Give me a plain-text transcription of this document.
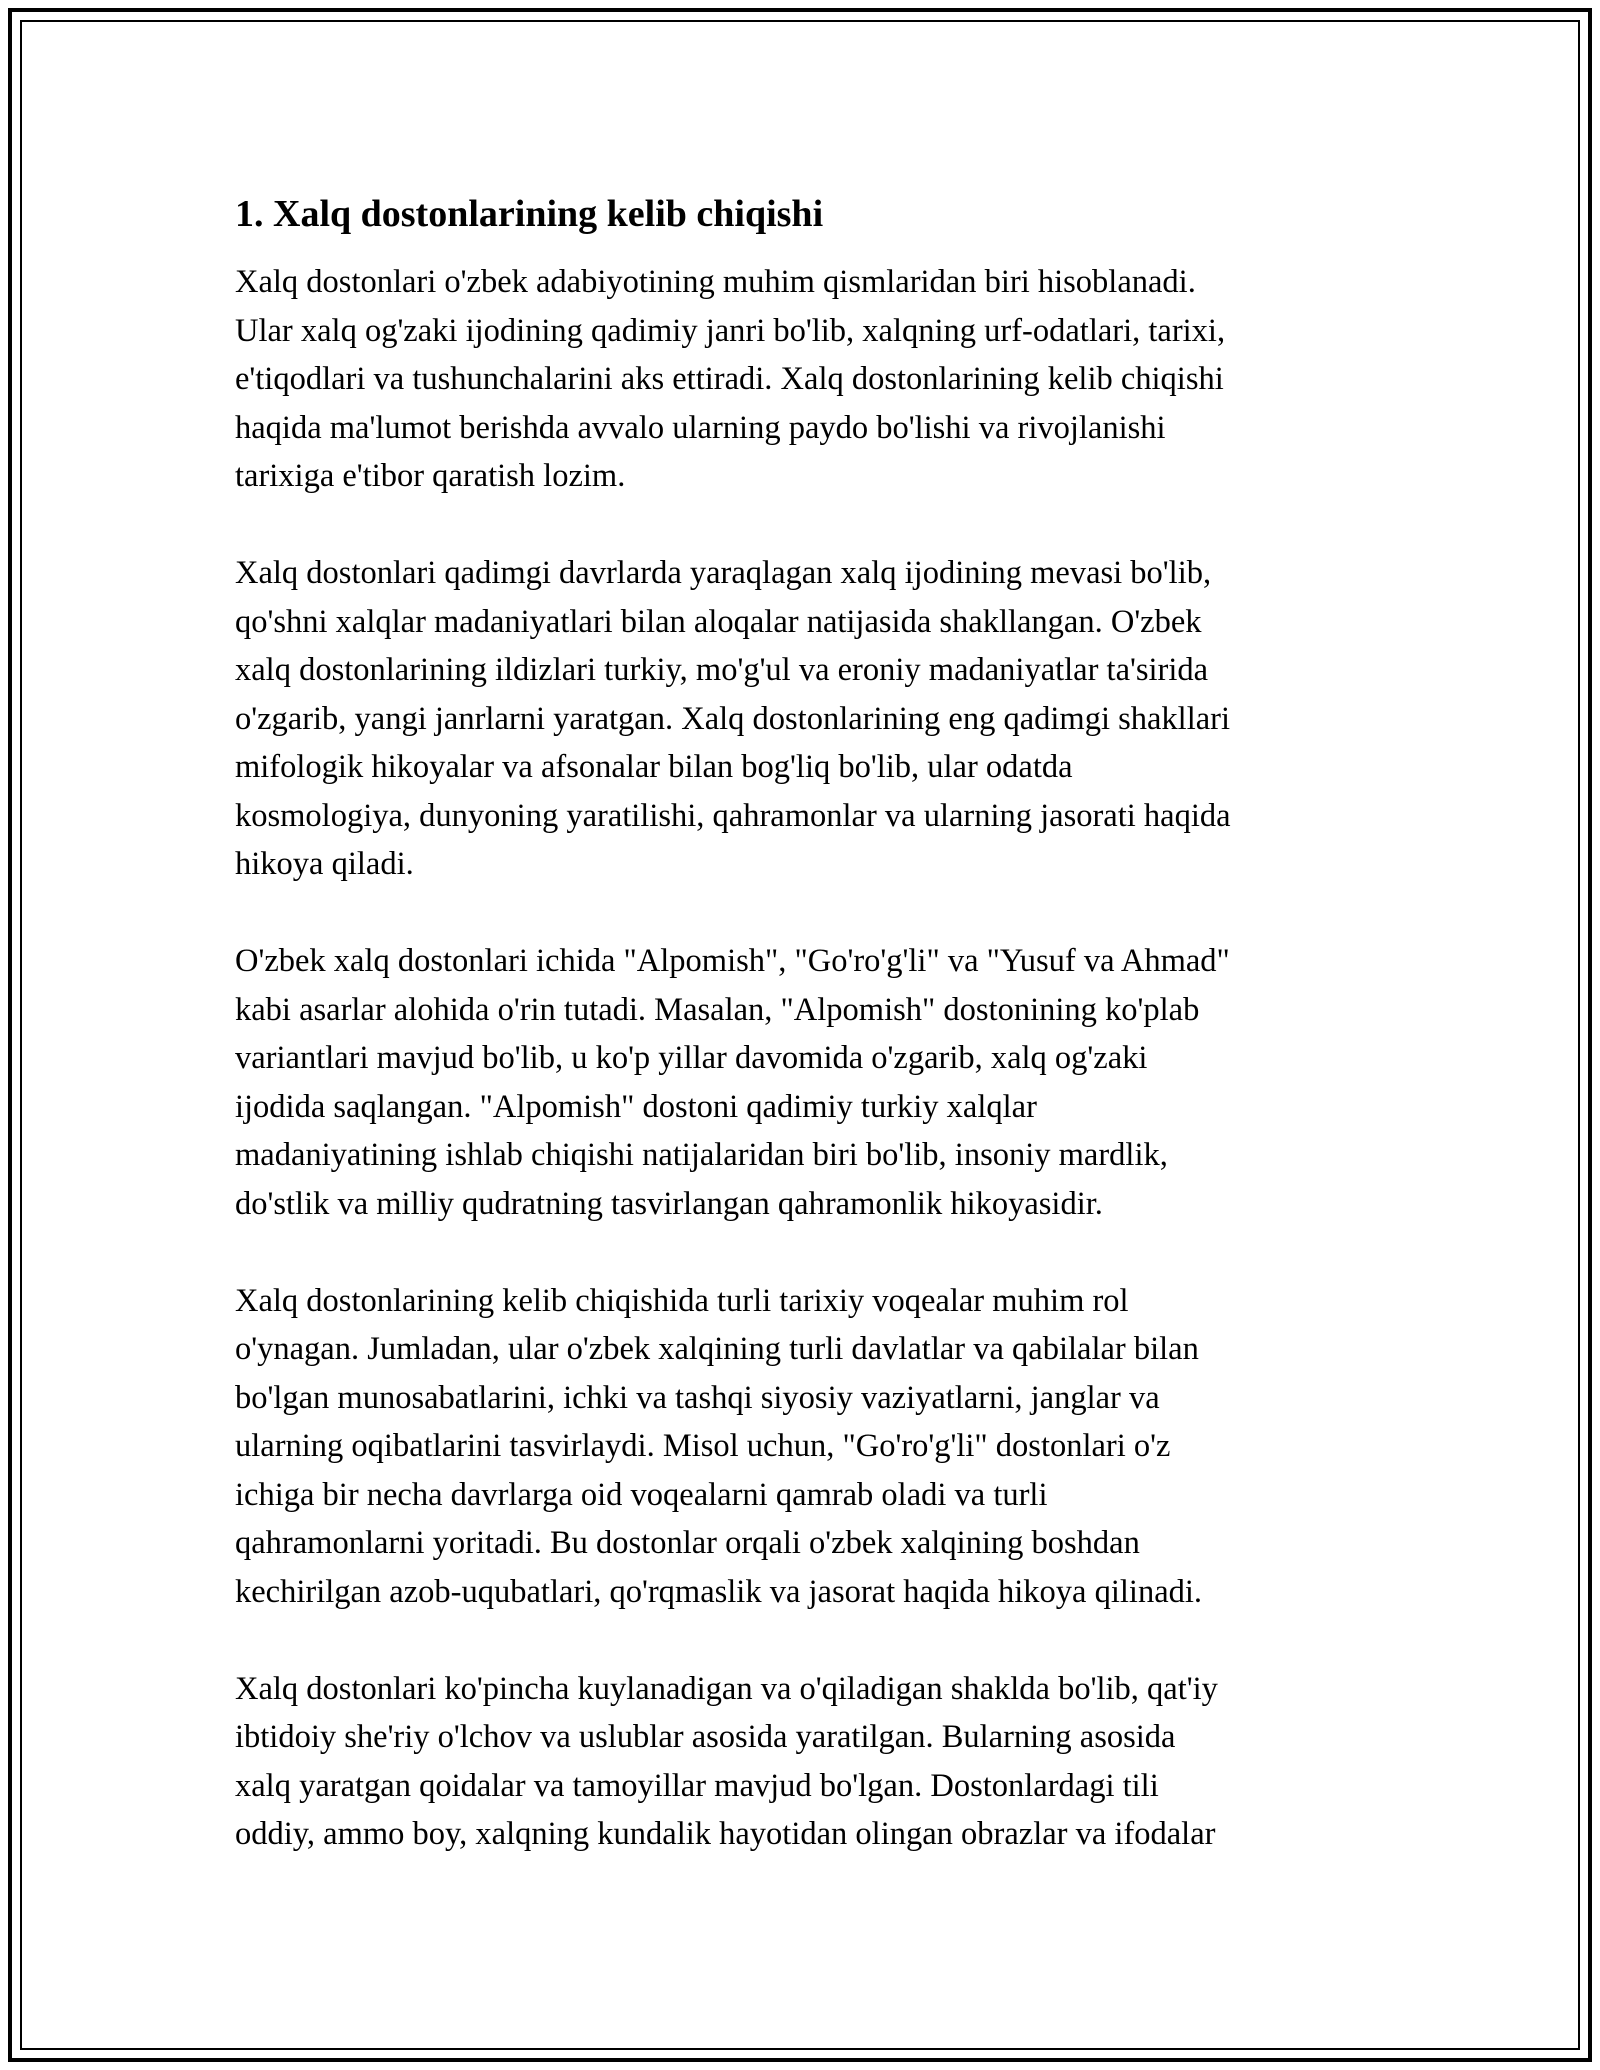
1. Xalq dostonlarining kelib chiqishi

Xalq dostonlari o'zbek adabiyotining muhim qismlaridan biri hisoblanadi.
Ular xalq og'zaki ijodining qadimiy janri bo'lib, xalqning urf-odatlari, tarixi,
e'tiqodlari va tushunchalarini aks ettiradi. Xalq dostonlarining kelib chiqishi
haqida ma'lumot berishda avvalo ularning paydo bo'lishi va rivojlanishi
tarixiga e'tibor qaratish lozim.

Xalq dostonlari qadimgi davrlarda yaraqlagan xalq ijodining mevasi bo'lib,
qo'shni xalqlar madaniyatlari bilan aloqalar natijasida shakllangan. O'zbek
xalq dostonlarining ildizlari turkiy, mo'g'ul va eroniy madaniyatlar ta'sirida
o'zgarib, yangi janrlarni yaratgan. Xalq dostonlarining eng qadimgi shakllari
mifologik hikoyalar va afsonalar bilan bog'liq bo'lib, ular odatda
kosmologiya, dunyoning yaratilishi, qahramonlar va ularning jasorati haqida
hikoya qiladi.

O'zbek xalq dostonlari ichida "Alpomish", "Go'ro'g'li" va "Yusuf va Ahmad"
kabi asarlar alohida o'rin tutadi. Masalan, "Alpomish" dostonining ko'plab
variantlari mavjud bo'lib, u ko'p yillar davomida o'zgarib, xalq og'zaki
ijodida saqlangan. "Alpomish" dostoni qadimiy turkiy xalqlar
madaniyatining ishlab chiqishi natijalaridan biri bo'lib, insoniy mardlik,
do'stlik va milliy qudratning tasvirlangan qahramonlik hikoyasidir.

Xalq dostonlarining kelib chiqishida turli tarixiy voqealar muhim rol
o'ynagan. Jumladan, ular o'zbek xalqining turli davlatlar va qabilalar bilan
bo'lgan munosabatlarini, ichki va tashqi siyosiy vaziyatlarni, janglar va
ularning oqibatlarini tasvirlaydi. Misol uchun, "Go'ro'g'li" dostonlari o'z
ichiga bir necha davrlarga oid voqealarni qamrab oladi va turli
qahramonlarni yoritadi. Bu dostonlar orqali o'zbek xalqining boshdan
kechirilgan azob-uqubatlari, qo'rqmaslik va jasorat haqida hikoya qilinadi.

Xalq dostonlari ko'pincha kuylanadigan va o'qiladigan shaklda bo'lib, qat'iy
ibtidoiy she'riy o'lchov va uslublar asosida yaratilgan. Bularning asosida
xalq yaratgan qoidalar va tamoyillar mavjud bo'lgan. Dostonlardagi tili
oddiy, ammo boy, xalqning kundalik hayotidan olingan obrazlar va ifodalar
